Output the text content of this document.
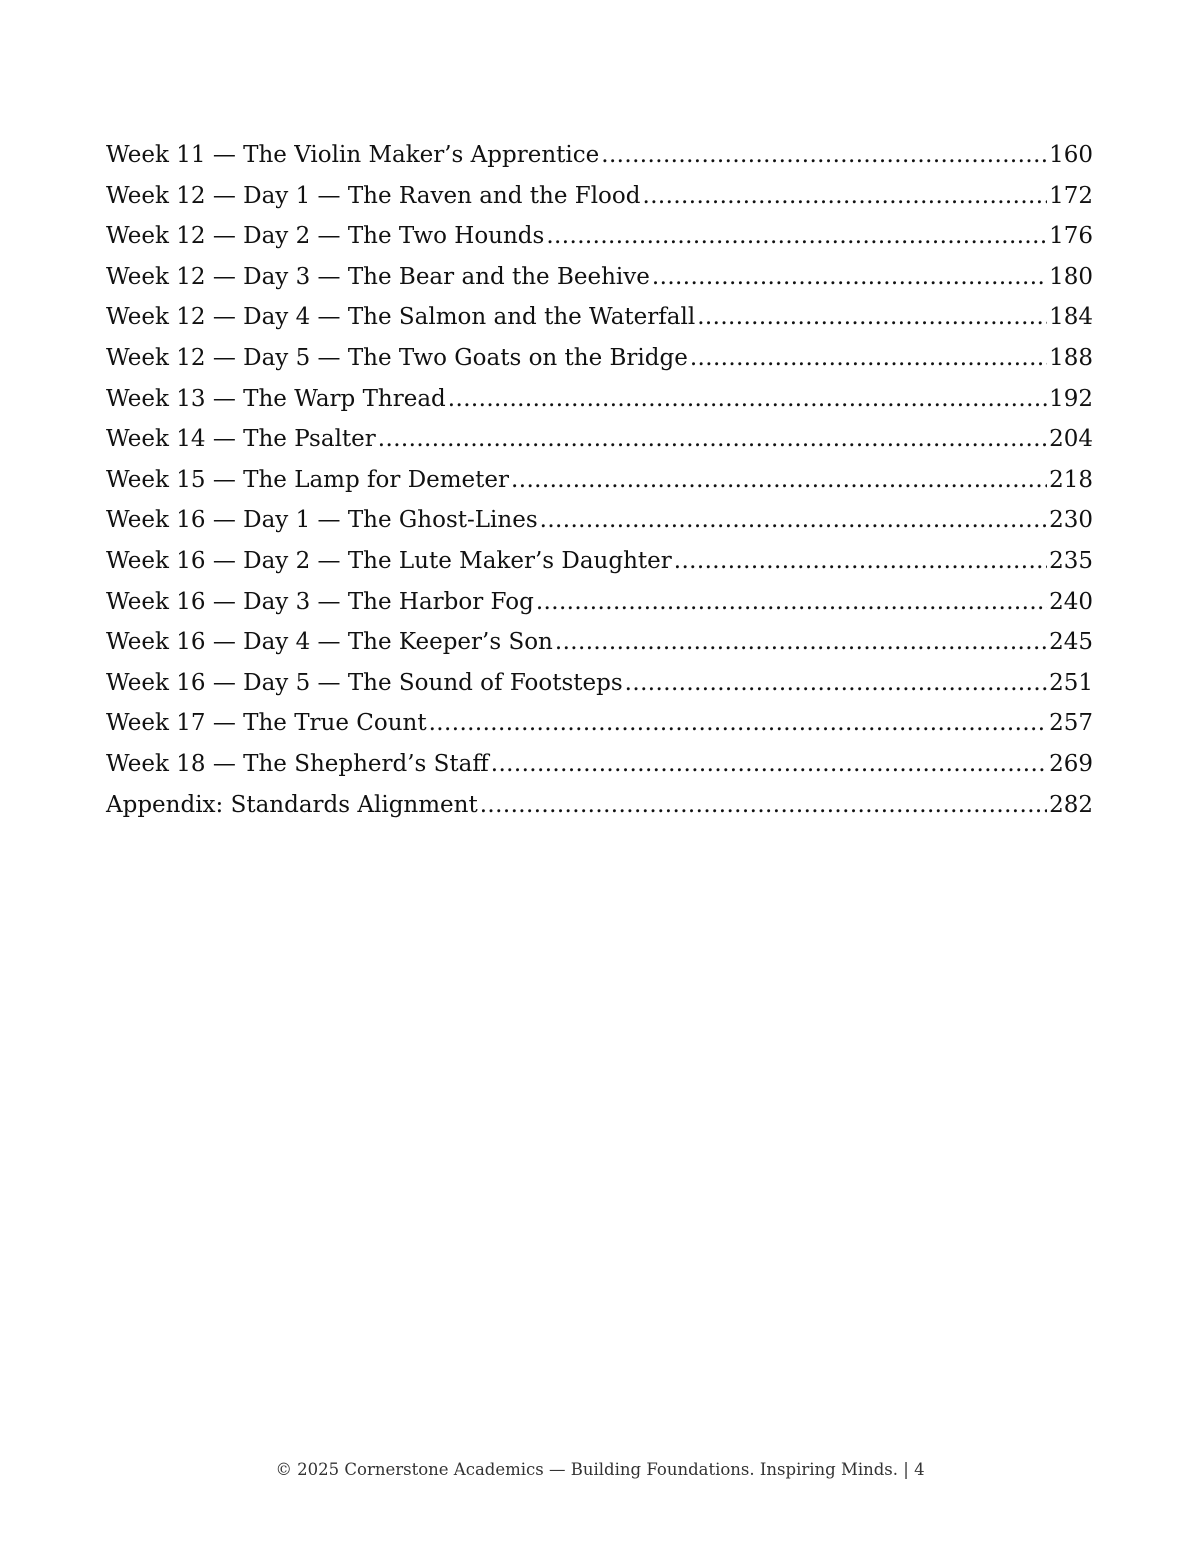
Week 11 — The Violin Maker’s Apprentice .....	160
Week 12 — Day 1 — The Raven and the Flood .....	172
Week 12 — Day 2 — The Two Hounds .....	176
Week 12 — Day 3 — The Bear and the Beehive .....	180
Week 12 — Day 4 — The Salmon and the Waterfall .....	184
Week 12 — Day 5 — The Two Goats on the Bridge .....	188
Week 13 — The Warp Thread .....	192
Week 14 — The Psalter .....	204
Week 15 — The Lamp for Demeter .....	218
Week 16 — Day 1 — The Ghost-Lines .....	230
Week 16 — Day 2 — The Lute Maker’s Daughter .....	235
Week 16 — Day 3 — The Harbor Fog .....	240
Week 16 — Day 4 — The Keeper’s Son .....	245
Week 16 — Day 5 — The Sound of Footsteps .....	251
Week 17 — The True Count .....	257
Week 18 — The Shepherd’s Staff .....	269
Appendix: Standards Alignment .....	282
© 2025 Cornerstone Academics — Building Foundations. Inspiring Minds. | 4
